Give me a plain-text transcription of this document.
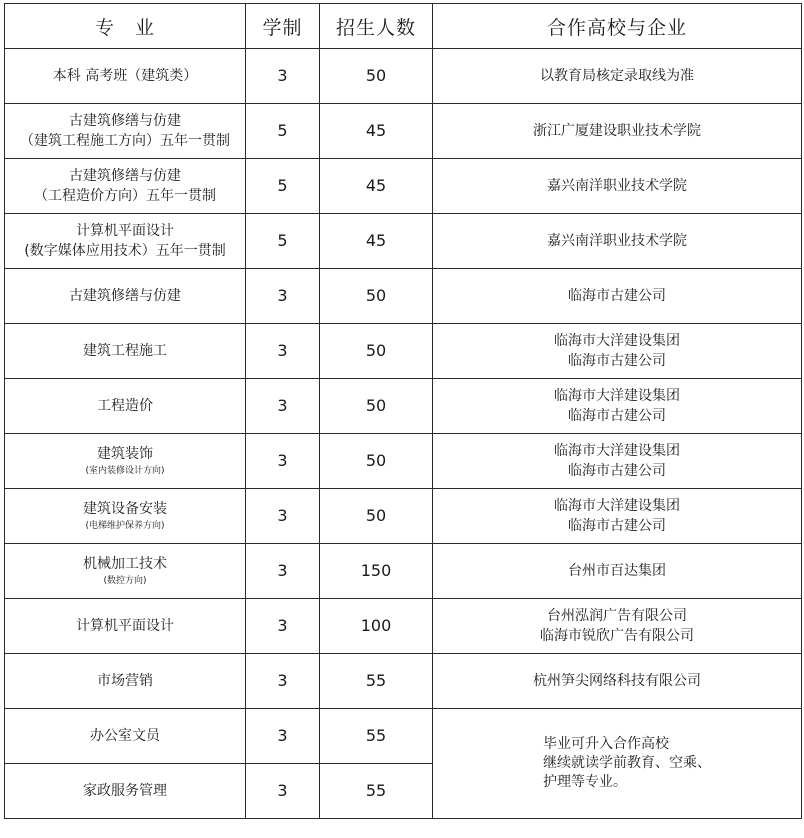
专　业	学制	招生人数	合作高校与企业
本科 高考班（建筑类）	3	50	以教育局核定录取线为准

古建筑修缮与仿建
（建筑工程施工方向）五年一贯制	5	45	浙江广厦建设职业技术学院

古建筑修缮与仿建
（工程造价方向）五年一贯制	5	45	嘉兴南洋职业技术学院

计算机平面设计
(数字媒体应用技术）五年一贯制	5	45	嘉兴南洋职业技术学院

古建筑修缮与仿建	3	50	临海市古建公司

建筑工程施工	3	50	临海市大洋建设集团
临海市古建公司

工程造价	3	50	临海市大洋建设集团
临海市古建公司

建筑装饰
(室内装修设计方向)	3	50	临海市大洋建设集团
临海市古建公司

建筑设备安装
(电梯维护保养方向)	3	50	临海市大洋建设集团
临海市古建公司

机械加工技术
(数控方向)	3	150	台州市百达集团

计算机平面设计	3	100	台州泓润广告有限公司
临海市锐欣广告有限公司

市场营销	3	55	杭州笋尖网络科技有限公司

办公室文员	3	55	毕业可升入合作高校
继续就读学前教育、空乘、
护理等专业。

家政服务管理	3	55	
